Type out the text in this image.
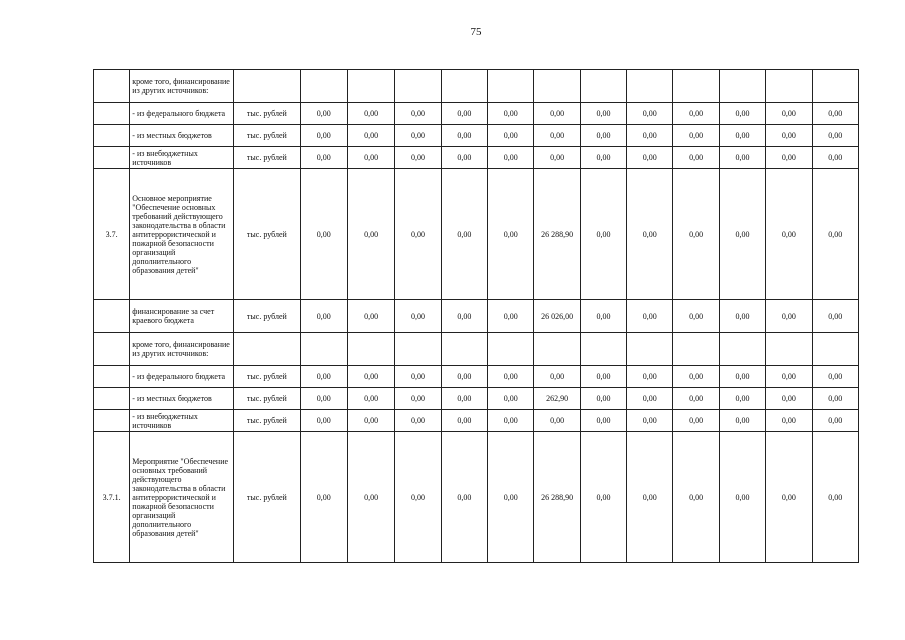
75
	кроме того, финансирование из других источников:													
	- из федерального бюджета	тыс. рублей	0,00	0,00	0,00	0,00	0,00	0,00	0,00	0,00	0,00	0,00	0,00	0,00
	- из местных бюджетов	тыс. рублей	0,00	0,00	0,00	0,00	0,00	0,00	0,00	0,00	0,00	0,00	0,00	0,00
	- из внебюджетных источников	тыс. рублей	0,00	0,00	0,00	0,00	0,00	0,00	0,00	0,00	0,00	0,00	0,00	0,00
3.7.	Основное мероприятие "Обеспечение основных требований действующего законодательства в области антитеррористической и пожарной безопасности организаций дополнительного образования детей"	тыс. рублей	0,00	0,00	0,00	0,00	0,00	26 288,90	0,00	0,00	0,00	0,00	0,00	0,00
	финансирование за счет краевого бюджета	тыс. рублей	0,00	0,00	0,00	0,00	0,00	26 026,00	0,00	0,00	0,00	0,00	0,00	0,00
	кроме того, финансирование из других источников:													
	- из федерального бюджета	тыс. рублей	0,00	0,00	0,00	0,00	0,00	0,00	0,00	0,00	0,00	0,00	0,00	0,00
	- из местных бюджетов	тыс. рублей	0,00	0,00	0,00	0,00	0,00	262,90	0,00	0,00	0,00	0,00	0,00	0,00
	- из внебюджетных источников	тыс. рублей	0,00	0,00	0,00	0,00	0,00	0,00	0,00	0,00	0,00	0,00	0,00	0,00
3.7.1.	Мероприятие "Обеспечение основных требований действующего законодательства в области антитеррористической и пожарной безопасности организаций дополнительного образования детей"	тыс. рублей	0,00	0,00	0,00	0,00	0,00	26 288,90	0,00	0,00	0,00	0,00	0,00	0,00
